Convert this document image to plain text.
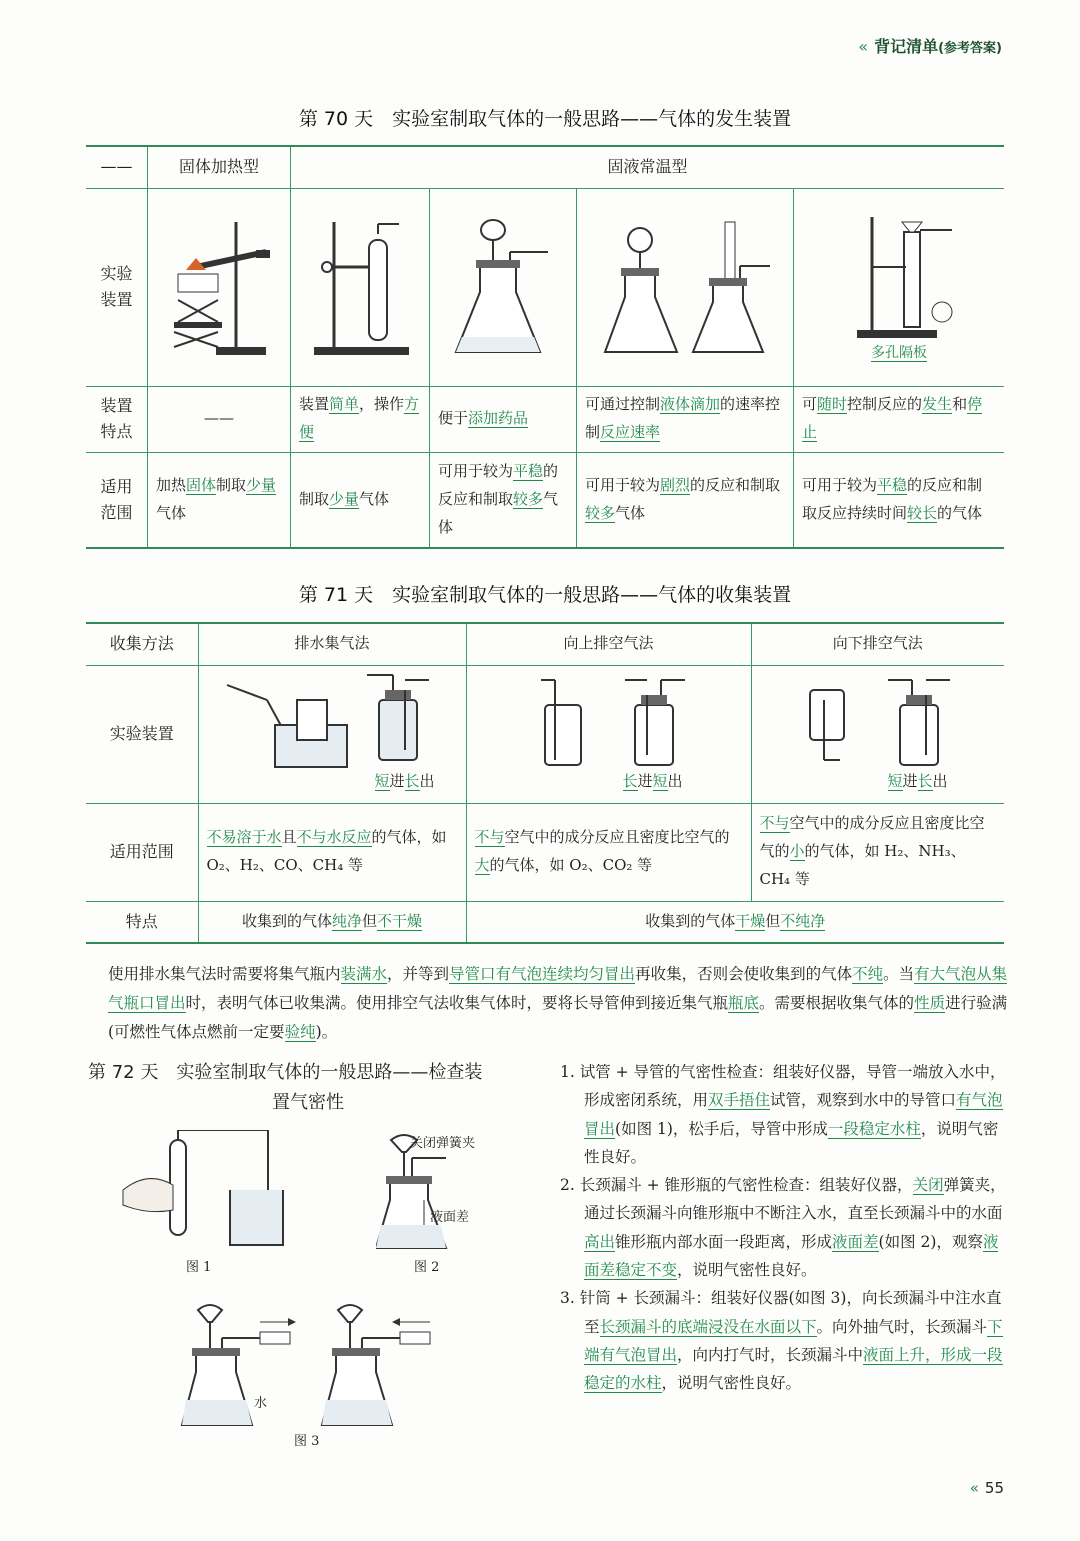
« 背记清单(参考答案)
第 70 天　实验室制取气体的一般思路——气体的发生装置
——	固体加热型	固液常温型			
实验装置					多孔隔板

装置特点	——	装置简单，操作方便	便于添加药品	可通过控制液体滴加的速率控制反应速率	可随时控制反应的发生和停止
适用范围	加热固体制取少量气体	制取少量气体	可用于较为平稳的反应和制取较多气体	可用于较为剧烈的反应和制取较多气体	可用于较为平稳的反应和制取反应持续时间较长的气体
第 71 天　实验室制取气体的一般思路——气体的收集装置
收集方法	排水集气法	向上排空气法	向下排空气法
实验装置	短进长出	长进短出	短进长出

适用范围	不易溶于水且不与水反应的气体，如 O₂、H₂、CO、CH₄ 等	不与空气中的成分反应且密度比空气的大的气体，如 O₂、CO₂ 等	不与空气中的成分反应且密度比空气的小的气体，如 H₂、NH₃、CH₄ 等
特点	收集到的气体纯净但不干燥	收集到的气体干燥但不纯净	
使用排水集气法时需要将集气瓶内装满水，并等到导管口有气泡连续均匀冒出再收集，否则会使收集到的气体不纯。当有大气泡从集气瓶口冒出时，表明气体已收集满。使用排空气法收集气体时，要将长导管伸到接近集气瓶瓶底。需要根据收集气体的性质进行验满(可燃性气体点燃前一定要验纯)。
第 72 天　实验室制取气体的一般思路——检查装
置气密性
图 1
关闭弹簧夹
液面差
图 2
水
图 3
1. 试管 + 导管的气密性检查：组装好仪器，导管一端放入水中，形成密闭系统，用双手捂住试管，观察到水中的导管口有气泡冒出(如图 1)，松手后，导管中形成一段稳定水柱，说明气密性良好。
2. 长颈漏斗 + 锥形瓶的气密性检查：组装好仪器，关闭弹簧夹，通过长颈漏斗向锥形瓶中不断注入水，直至长颈漏斗中的水面高出锥形瓶内部水面一段距离，形成液面差(如图 2)，观察液面差稳定不变，说明气密性良好。
3. 针筒 + 长颈漏斗：组装好仪器(如图 3)，向长颈漏斗中注水直至长颈漏斗的底端浸没在水面以下。向外抽气时，长颈漏斗下端有气泡冒出，向内打气时，长颈漏斗中液面上升，形成一段稳定的水柱，说明气密性良好。
« 55
